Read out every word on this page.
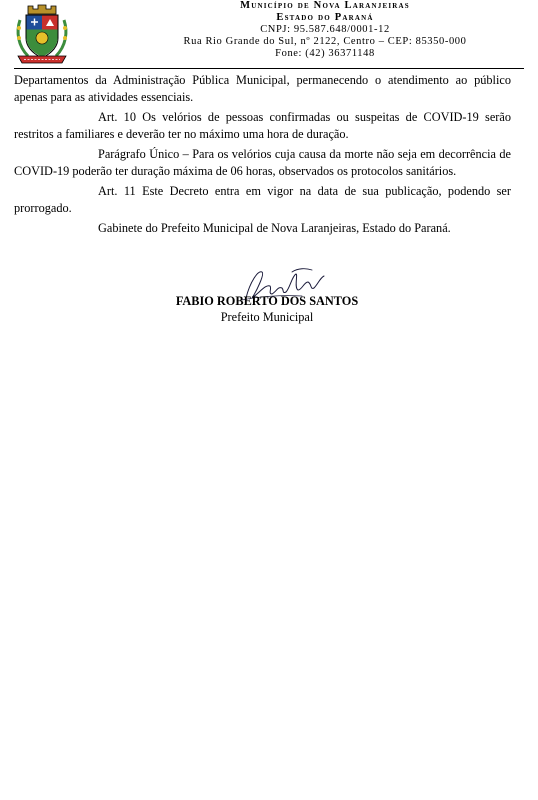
Município de Nova Laranjeiras
Estado do Paraná
CNPJ: 95.587.648/0001-12
Rua Rio Grande do Sul, nº 2122, Centro – CEP: 85350-000
Fone: (42) 36371148

Departamentos da Administração Pública Municipal, permanecendo o atendimento ao público apenas para as atividades essenciais.

Art. 10 Os velórios de pessoas confirmadas ou suspeitas de COVID-19 serão restritos a familiares e deverão ter no máximo uma hora de duração.

Parágrafo Único – Para os velórios cuja causa da morte não seja em decorrência de COVID-19 poderão ter duração máxima de 06 horas, observados os protocolos sanitários.

Art. 11 Este Decreto entra em vigor na data de sua publicação, podendo ser prorrogado.

Gabinete do Prefeito Municipal de Nova Laranjeiras, Estado do Paraná.

FABIO ROBERTO DOS SANTOS
Prefeito Municipal
